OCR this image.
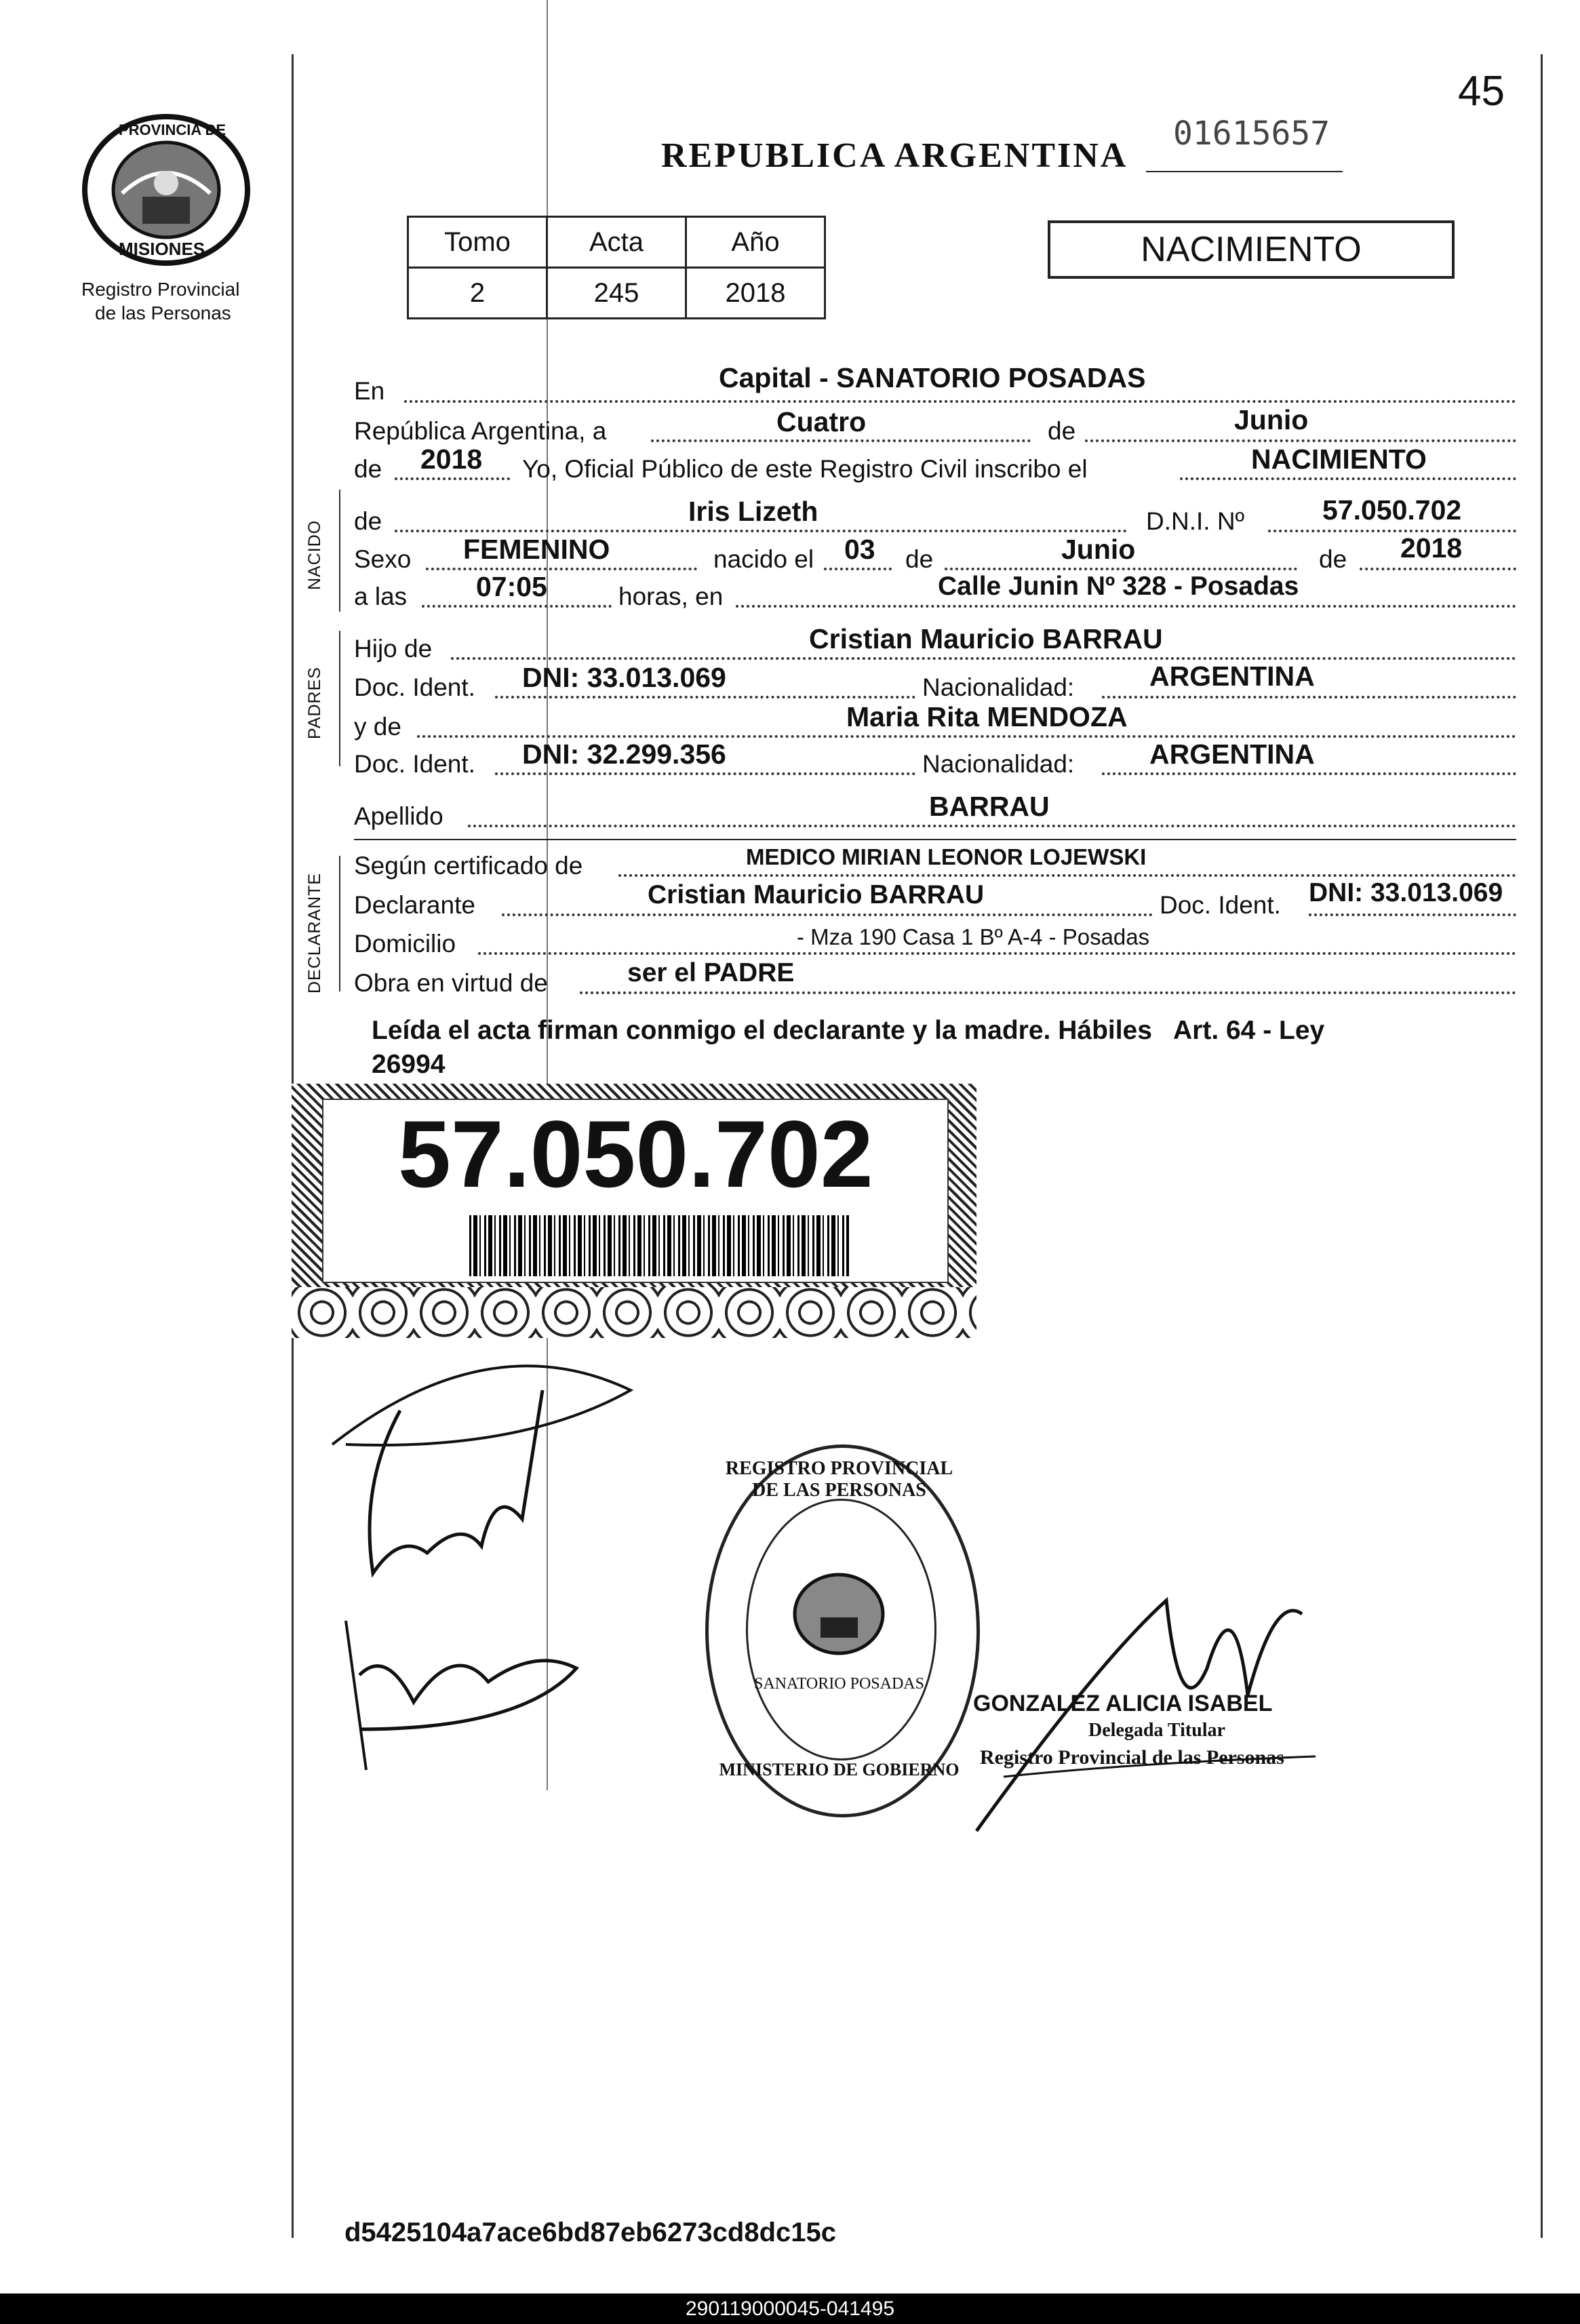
PROVINCIA DE
MISIONES
Registro Provincial
de las Personas
45
01615657
REPUBLICA ARGENTINA
Tomo	Acta	Año
2	245	2018
NACIMIENTO
En	Capital - SANATORIO POSADAS
República Argentina, a	Cuatro	de	Junio
de 2018 Yo, Oficial Público de este Registro Civil inscribo el	NACIMIENTO
NACIDO
PADRES
DECLARANTE
de	Iris Lizeth	D.N.I. Nº	57.050.702
Sexo FEMENINO	nacido el 03 de	Junio	de 2018
a las 07:05	horas, en	Calle Junin Nº 328 - Posadas
Hijo de	Cristian Mauricio BARRAU
Doc. Ident. DNI: 33.013.069	Nacionalidad:	ARGENTINA
y de	Maria Rita MENDOZA
Doc. Ident. DNI: 32.299.356	Nacionalidad:	ARGENTINA
Apellido	BARRAU
Según certificado de	MEDICO MIRIAN LEONOR LOJEWSKI
Declarante	Cristian Mauricio BARRAU	Doc. Ident. DNI: 33.013.069
Domicilio	- Mza 190 Casa 1 Bº A-4 - Posadas
Obra en virtud de	ser el PADRE
Leída el acta firman conmigo el declarante y la madre. Hábiles   Art. 64 - Ley
26994
57.050.702
REGISTRO PROVINCIAL DE LAS PERSONAS
SANATORIO POSADAS
MINISTERIO DE GOBIERNO
GONZALEZ ALICIA ISABEL
Delegada Titular
Registro Provincial de las Personas
d5425104a7ace6bd87eb6273cd8dc15c
290119000045-041495
